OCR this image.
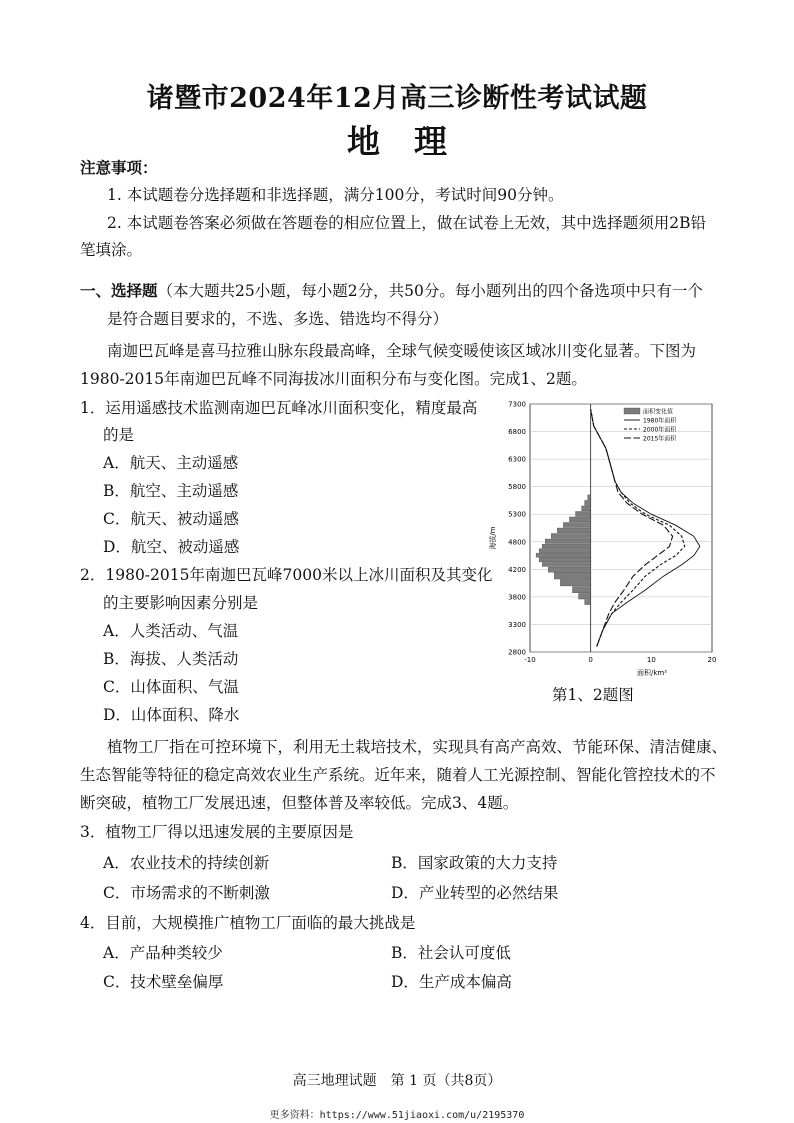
诸暨市2024年12月高三诊断性考试试题
地理
注意事项：
1. 本试题卷分选择题和非选择题，满分100分，考试时间90分钟。
2. 本试题卷答案必须做在答题卷的相应位置上，做在试卷上无效，其中选择题须用2B铅
笔填涂。
一、选择题（本大题共25小题，每小题2分，共50分。每小题列出的四个备选项中只有一个
是符合题目要求的，不选、多选、错选均不得分）
南迦巴瓦峰是喜马拉雅山脉东段最高峰，全球气候变暖使该区域冰川变化显著。下图为
1980-2015年南迦巴瓦峰不同海拔冰川面积分布与变化图。完成1、2题。
1．运用遥感技术监测南迦巴瓦峰冰川面积变化，精度最高
的是
A．航天、主动遥感
B．航空、主动遥感
C．航天、被动遥感
D．航空、被动遥感
2．1980-2015年南迦巴瓦峰7000米以上冰川面积及其变化
的主要影响因素分别是
A．人类活动、气温
B．海拔、人类活动
C．山体面积、气温
D．山体面积、降水
2800
3300
3800
4200
4800
5300
5800
6300
6800
7300
-10	0	10	20
面积变化值
1980年面积
2000年面积
2015年面积
海拔/m
面积/km²
第1、2题图
植物工厂指在可控环境下，利用无土栽培技术，实现具有高产高效、节能环保、清洁健康、
生态智能等特征的稳定高效农业生产系统。近年来，随着人工光源控制、智能化管控技术的不
断突破，植物工厂发展迅速，但整体普及率较低。完成3、4题。
3．植物工厂得以迅速发展的主要原因是
A．农业技术的持续创新	B．国家政策的大力支持
C．市场需求的不断刺激	D．产业转型的必然结果
4．目前，大规模推广植物工厂面临的最大挑战是
A．产品种类较少	B．社会认可度低
C．技术壁垒偏厚	D．生产成本偏高
高三地理试题　第 1 页（共8页）
更多资料：https://www.51jiaoxi.com/u/2195370
